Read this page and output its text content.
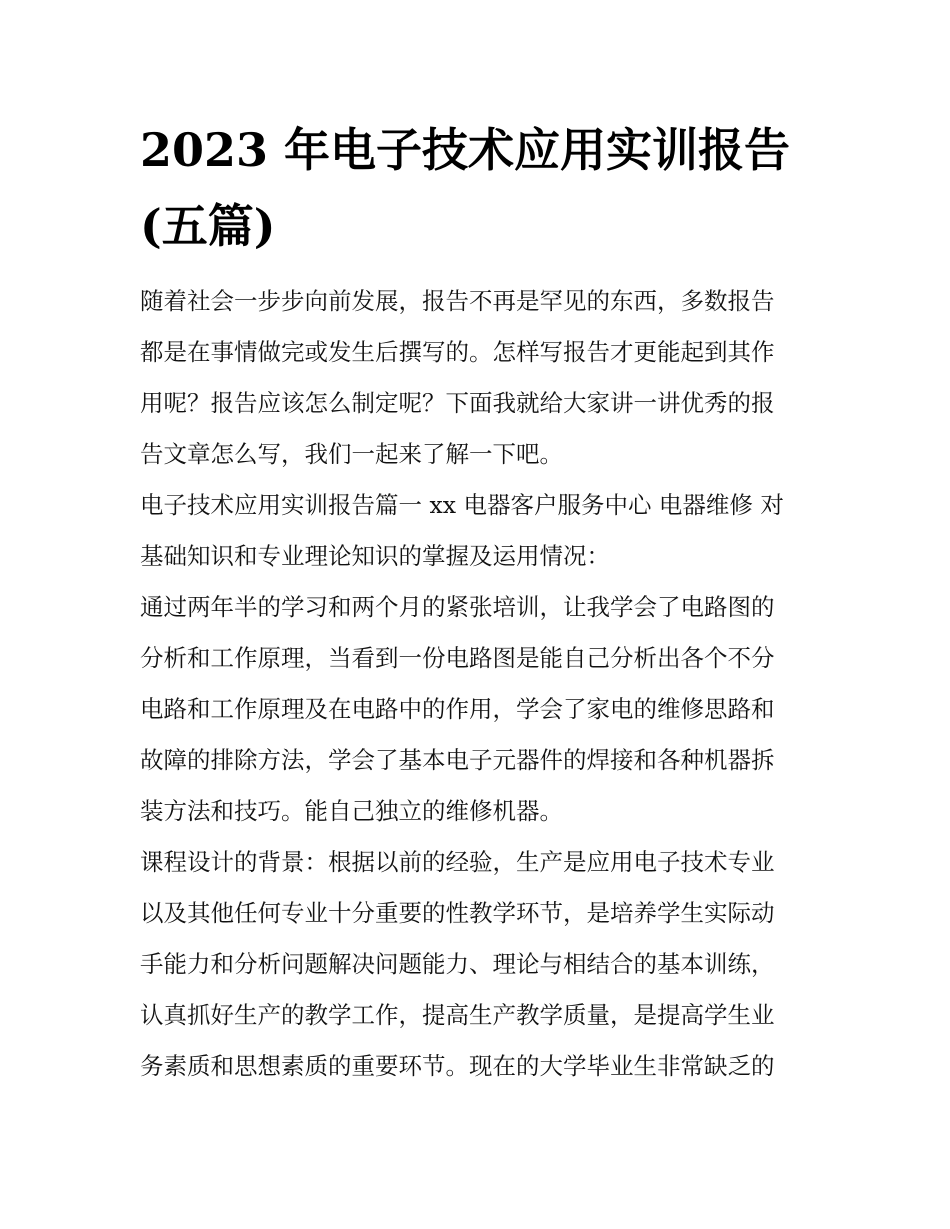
2023 年电子技术应用实训报告
(五篇)

随着社会一步步向前发展，报告不再是罕见的东西，多数报告
都是在事情做完或发生后撰写的。怎样写报告才更能起到其作
用呢？报告应该怎么制定呢？下面我就给大家讲一讲优秀的报
告文章怎么写，我们一起来了解一下吧。

电子技术应用实训报告篇一 xx 电器客户服务中心 电器维修 对
基础知识和专业理论知识的掌握及运用情况：

通过两年半的学习和两个月的紧张培训，让我学会了电路图的
分析和工作原理，当看到一份电路图是能自己分析出各个不分
电路和工作原理及在电路中的作用，学会了家电的维修思路和
故障的排除方法，学会了基本电子元器件的焊接和各种机器拆
装方法和技巧。能自己独立的维修机器。

课程设计的背景：根据以前的经验，生产是应用电子技术专业
以及其他任何专业十分重要的性教学环节，是培养学生实际动
手能力和分析问题解决问题能力、理论与相结合的基本训练，
认真抓好生产的教学工作，提高生产教学质量，是提高学生业
务素质和思想素质的重要环节。现在的大学毕业生非常缺乏的
